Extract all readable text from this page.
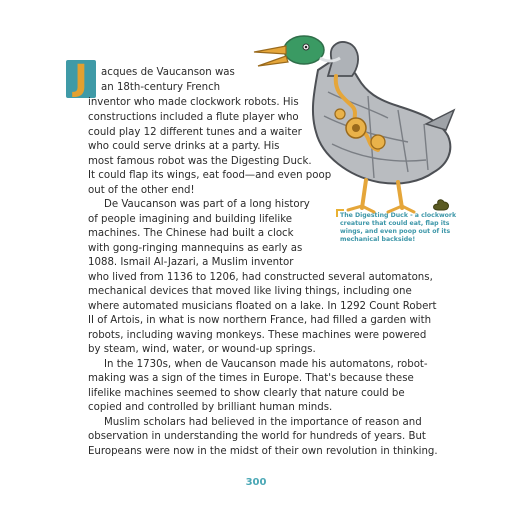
J	acques de Vaucanson was
an 18th-century French
inventor who made clockwork robots. His
constructions included a flute player who
could play 12 different tunes and a waiter
who could serve drinks at a party. His
most famous robot was the Digesting Duck.
It could flap its wings, eat food—and even poop
out of the other end!
De Vaucanson was part of a long history
of people imagining and building lifelike
machines. The Chinese had built a clock
with gong-ringing mannequins as early as
1088. Ismail Al-Jazari, a Muslim inventor
who lived from 1136 to 1206, had constructed several automatons,
mechanical devices that moved like living things, including one
where automated musicians floated on a lake. In 1292 Count Robert
II of Artois, in what is now northern France, had filled a garden with
robots, including waving monkeys. These machines were powered
by steam, wind, water, or wound-up springs.
In the 1730s, when de Vaucanson made his automatons, robot-
making was a sign of the times in Europe. That's because these
lifelike machines seemed to show clearly that nature could be
copied and controlled by brilliant human minds.
Muslim scholars had believed in the importance of reason and
observation in understanding the world for hundreds of years. But
Europeans were now in the midst of their own revolution in thinking.
The Digesting Duck - a clockwork
creature that could eat, flap its
wings, and even poop out of its
mechanical backside!
300
